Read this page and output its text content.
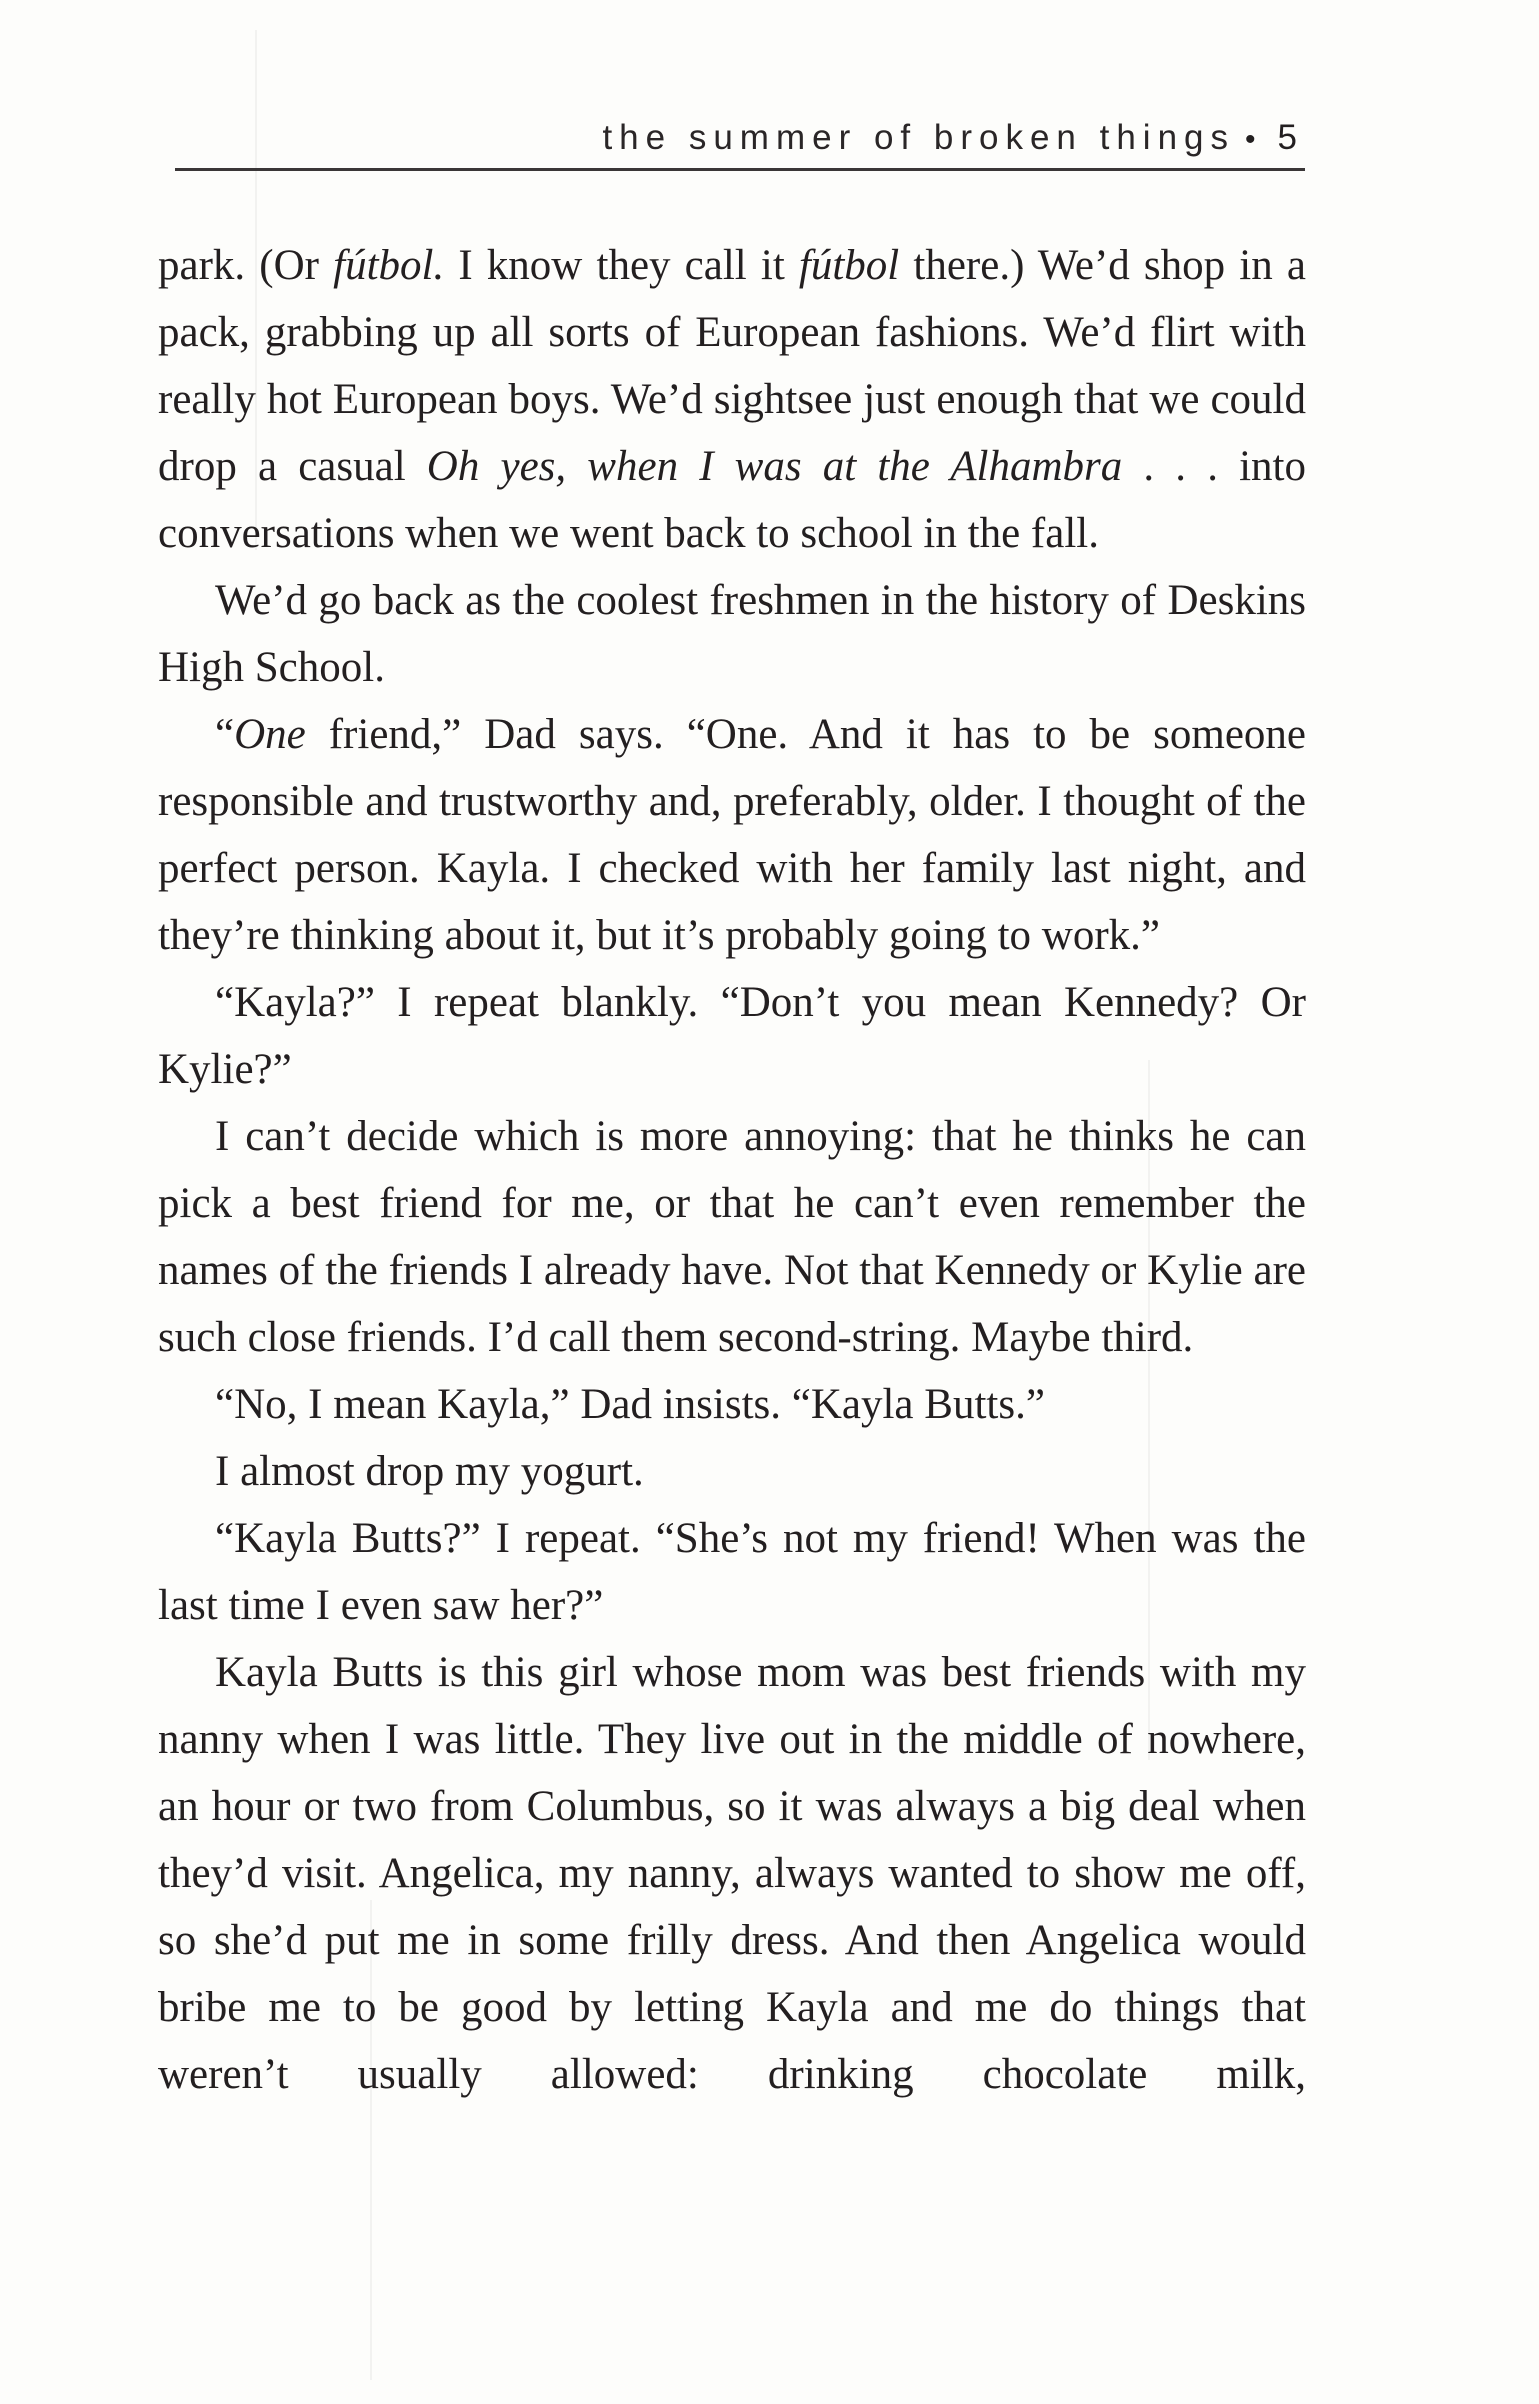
the summer of broken things • 5

park. (Or fútbol. I know they call it fútbol there.) We’d shop in a pack, grabbing up all sorts of European fashions. We’d flirt with really hot European boys. We’d sightsee just enough that we could drop a casual Oh yes, when I was at the Alhambra . . . into conversations when we went back to school in the fall.

We’d go back as the coolest freshmen in the history of Deskins High School.

“One friend,” Dad says. “One. And it has to be someone responsible and trustworthy and, preferably, older. I thought of the perfect person. Kayla. I checked with her family last night, and they’re thinking about it, but it’s probably going to work.”

“Kayla?” I repeat blankly. “Don’t you mean Kennedy? Or Kylie?”

I can’t decide which is more annoying: that he thinks he can pick a best friend for me, or that he can’t even remember the names of the friends I already have. Not that Kennedy or Kylie are such close friends. I’d call them second-string. Maybe third.

“No, I mean Kayla,” Dad insists. “Kayla Butts.”

I almost drop my yogurt.

“Kayla Butts?” I repeat. “She’s not my friend! When was the last time I even saw her?”

Kayla Butts is this girl whose mom was best friends with my nanny when I was little. They live out in the middle of nowhere, an hour or two from Columbus, so it was always a big deal when they’d visit. Angelica, my nanny, always wanted to show me off, so she’d put me in some frilly dress. And then Angelica would bribe me to be good by letting Kayla and me do things that weren’t usually allowed: drinking chocolate milk,
